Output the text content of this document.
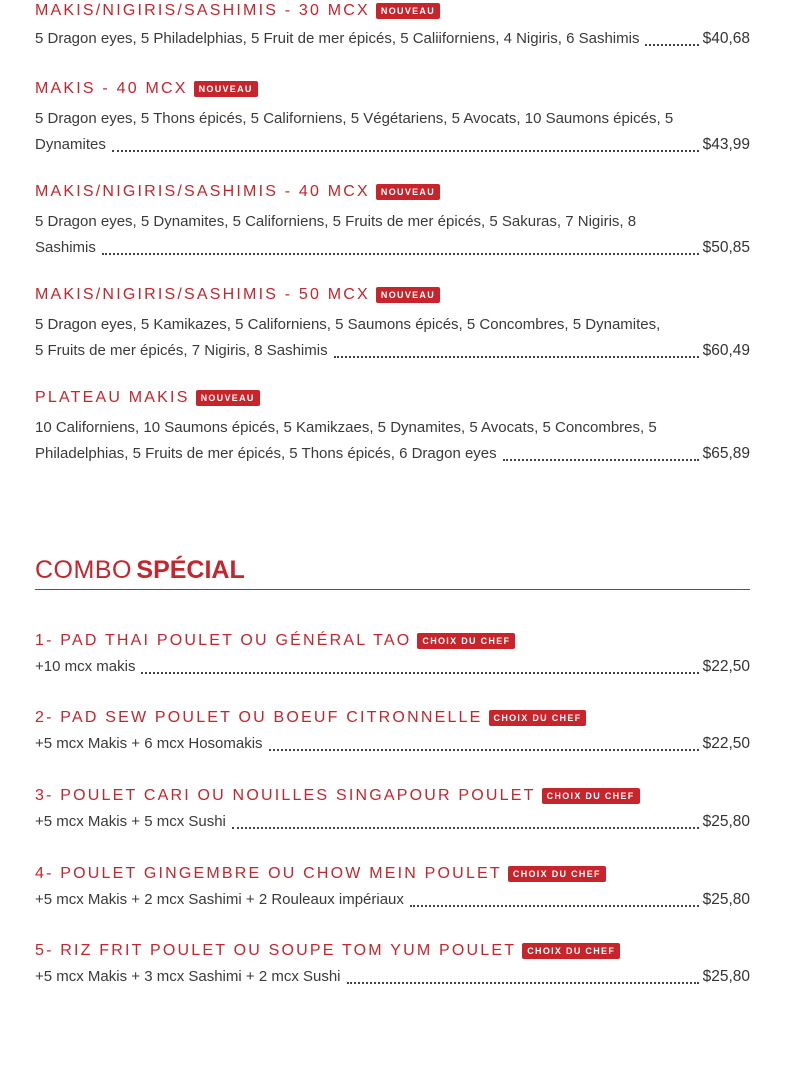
MAKIS/NIGIRIS/SASHIMIS - 30 MCX	NOUVEAU
5 Dragon eyes, 5 Philadelphias, 5 Fruit de mer épicés, 5 Caliiforniens, 4 Nigiris, 6 Sashimis	$40,68
MAKIS - 40 MCX	NOUVEAU
5 Dragon eyes, 5 Thons épicés, 5 Californiens, 5 Végétariens, 5 Avocats, 10 Saumons épicés, 5
Dynamites	$43,99
MAKIS/NIGIRIS/SASHIMIS - 40 MCX	NOUVEAU
5 Dragon eyes, 5 Dynamites, 5 Californiens, 5 Fruits de mer épicés, 5 Sakuras, 7 Nigiris, 8
Sashimis	$50,85
MAKIS/NIGIRIS/SASHIMIS - 50 MCX	NOUVEAU
5 Dragon eyes, 5 Kamikazes, 5 Californiens, 5 Saumons épicés, 5 Concombres, 5 Dynamites,
5 Fruits de mer épicés, 7 Nigiris, 8 Sashimis	$60,49
PLATEAU MAKIS	NOUVEAU
10 Californiens, 10 Saumons épicés, 5 Kamikzaes, 5 Dynamites, 5 Avocats, 5 Concombres, 5
Philadelphias, 5 Fruits de mer épicés, 5 Thons épicés, 6 Dragon eyes	$65,89
COMBO SPÉCIAL
1- PAD THAI POULET OU GÉNÉRAL TAO	CHOIX DU CHEF
+10 mcx makis	$22,50
2- PAD SEW POULET OU BOEUF CITRONNELLE	CHOIX DU CHEF
+5 mcx Makis + 6 mcx Hosomakis	$22,50
3- POULET CARI OU NOUILLES SINGAPOUR POULET	CHOIX DU CHEF
+5 mcx Makis + 5 mcx Sushi	$25,80
4- POULET GINGEMBRE OU CHOW MEIN POULET	CHOIX DU CHEF
+5 mcx Makis + 2 mcx Sashimi + 2 Rouleaux impériaux	$25,80
5- RIZ FRIT POULET OU SOUPE TOM YUM POULET	CHOIX DU CHEF
+5 mcx Makis + 3 mcx Sashimi + 2 mcx Sushi	$25,80
